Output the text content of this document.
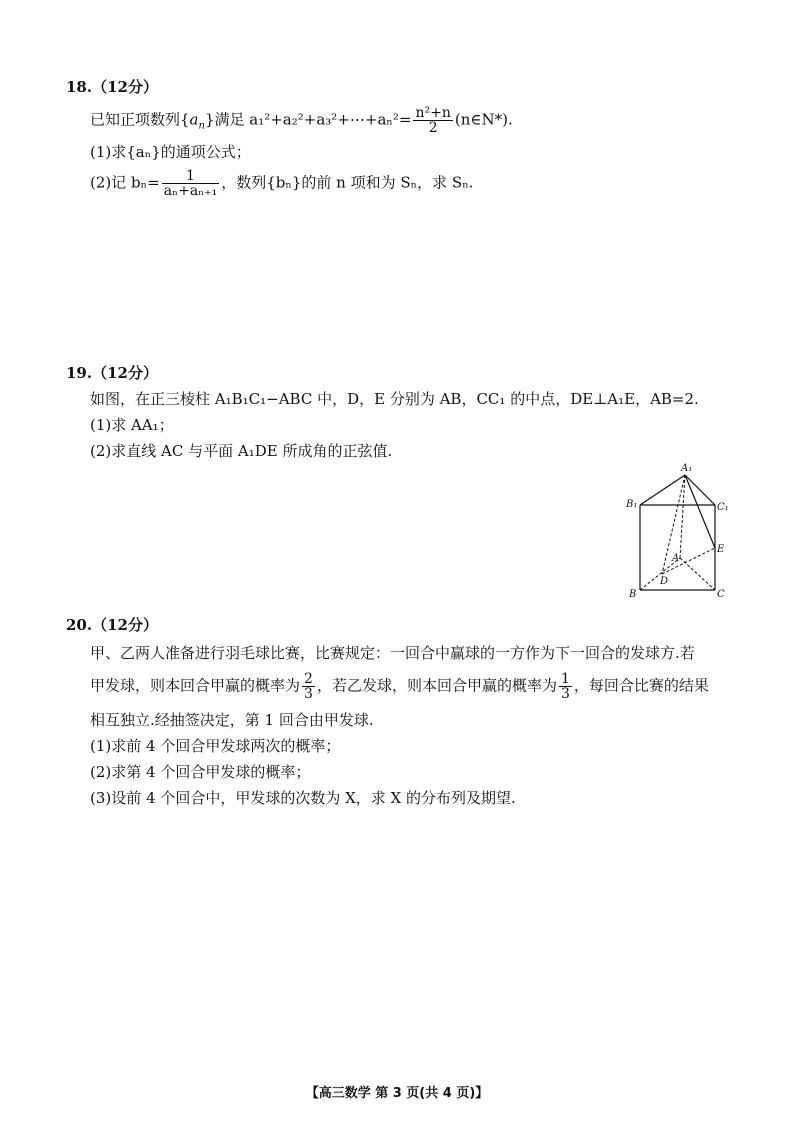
18.（12分）
已知正项数列$\{a_n\}$满足 a₁²+a₂²+a₃²+⋯+aₙ²= $\frac{\text{n²+n}}{2}$ (n∈N*).
(1)求{aₙ}的通项公式；
(2)记 $b_n= \frac{1}{\text{aₙ+aₙ₊₁}}$ ，数列{bₙ}的前 n 项和为 Sₙ，求 Sₙ.
19.（12分）
如图，在正三棱柱 A₁B₁C₁−ABC 中，D，E 分别为 AB，CC₁ 的中点，DE⊥A₁E，AB=2.
(1)求 AA₁；
(2)求直线 AC 与平面 A₁DE 所成角的正弦值.
A₁
B₁	C₁
A
E
D
B	C
20.（12分）
甲、乙两人准备进行羽毛球比赛，比赛规定：一回合中赢球的一方作为下一回合的发球方.若
甲发球，则本回合甲赢的概率为 $\frac{2}{3}$ ，若乙发球，则本回合甲赢的概率为 $\frac{1}{3}$ ，每回合比赛的结果
相互独立.经抽签决定，第 1 回合由甲发球.
(1)求前 4 个回合甲发球两次的概率；
(2)求第 4 个回合甲发球的概率；
(3)设前 4 个回合中，甲发球的次数为 X，求 X 的分布列及期望.
【高三数学 第 3 页(共 4 页)】
